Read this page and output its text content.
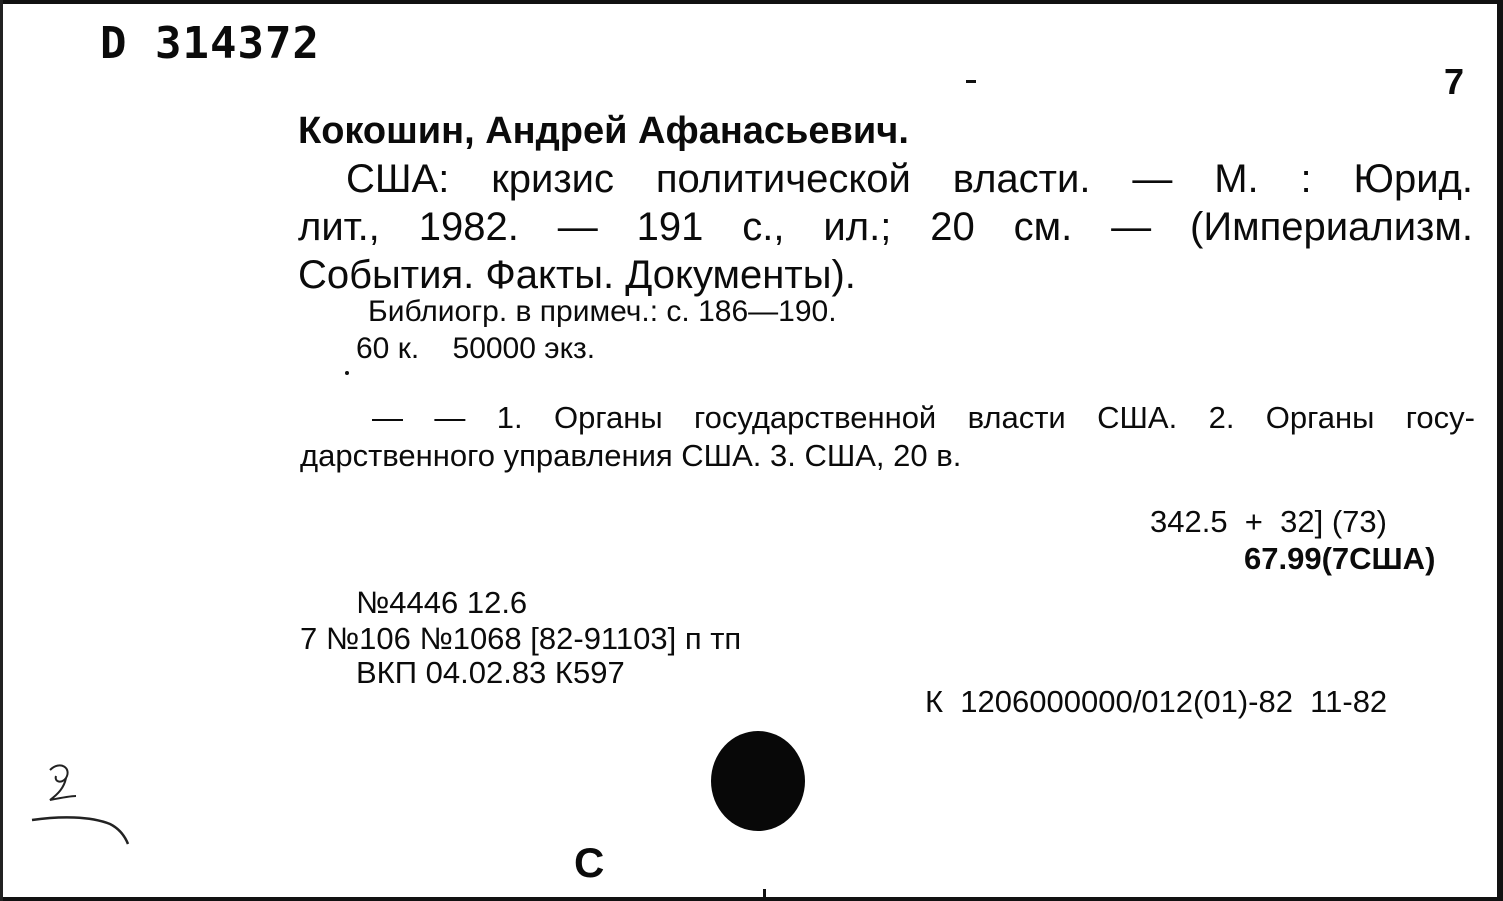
D 314372
7
Кокошин, Андрей Афанасьевич.
США: кризис политической власти. — М. : Юрид.
лит., 1982. — 191 с., ил.; 20 см. — (Империализм.
События. Факты. Документы).
Библиогр. в примеч.: с. 186—190.
60 к.    50000 экз.
— — 1. Органы государственной власти США. 2. Органы госу-
дарственного управления США. 3. США, 20 в.
342.5  +  32] (73)
67.99(7США)
№4446 12.6
7 №106 №1068 [82-91103] п тп
ВКП 04.02.83 К597
К  1206000000/012(01)-82  11-82
С
